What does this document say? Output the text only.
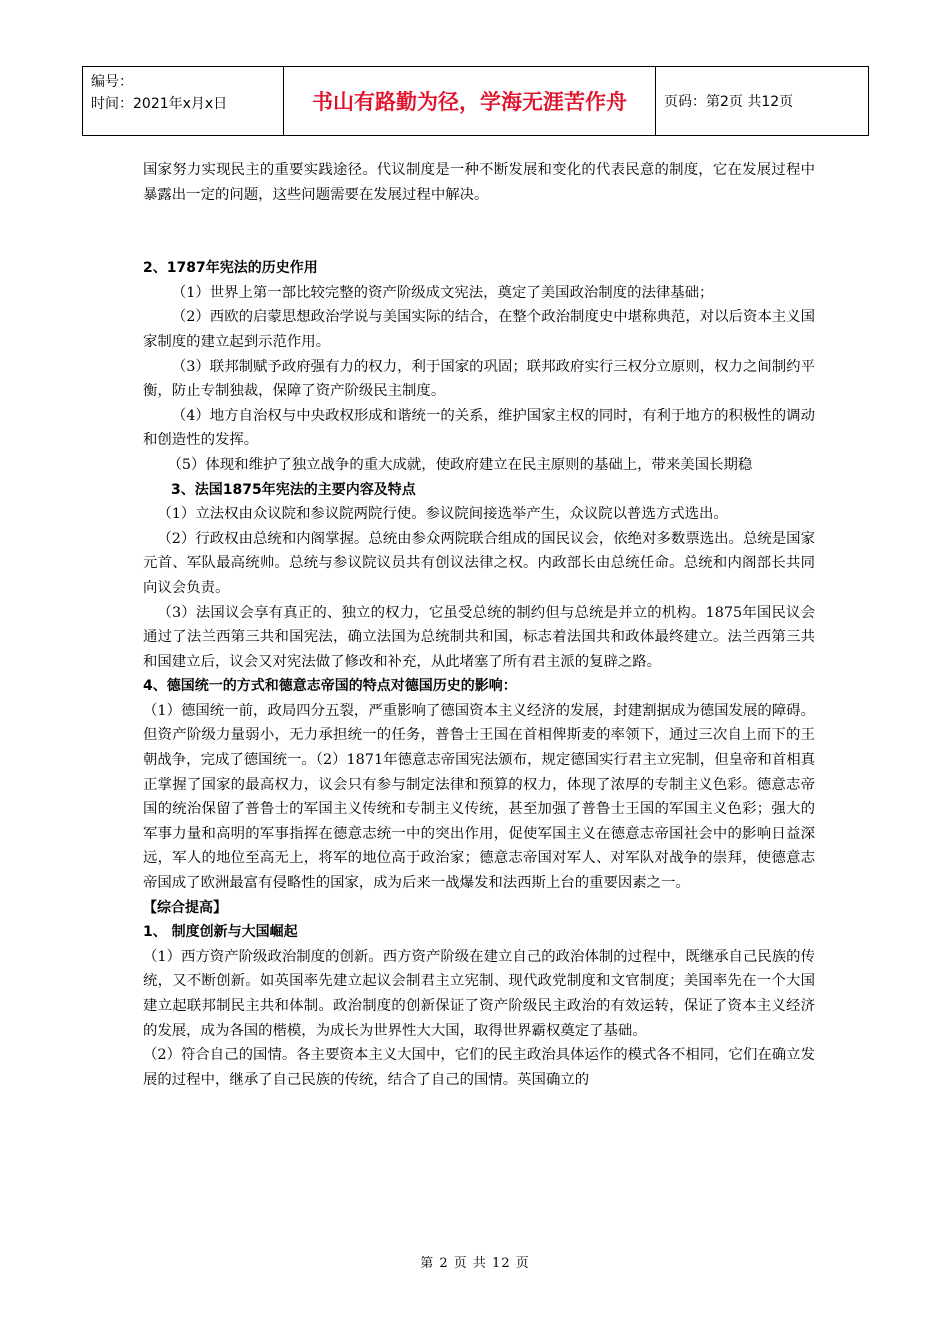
编号：
时间：2021年x月x日	书山有路勤为径，学海无涯苦作舟	页码：第2页 共12页

国家努力实现民主的重要实践途径。代议制度是一种不断发展和变化的代表民意的制度，它在发展过程中暴露出一定的问题，这些问题需要在发展过程中解决。

2、1787年宪法的历史作用

（1）世界上第一部比较完整的资产阶级成文宪法，奠定了美国政治制度的法律基础；

（2）西欧的启蒙思想政治学说与美国实际的结合，在整个政治制度史中堪称典范，对以后资本主义国家制度的建立起到示范作用。

（3）联邦制赋予政府强有力的权力，利于国家的巩固；联邦政府实行三权分立原则，权力之间制约平衡，防止专制独裁，保障了资产阶级民主制度。

（4）地方自治权与中央政权形成和谐统一的关系，维护国家主权的同时，有利于地方的积极性的调动和创造性的发挥。

（5）体现和维护了独立战争的重大成就，使政府建立在民主原则的基础上，带来美国长期稳

3、法国1875年宪法的主要内容及特点

（1）立法权由众议院和参议院两院行使。参议院间接选举产生，众议院以普选方式选出。

（2）行政权由总统和内阁掌握。总统由参众两院联合组成的国民议会，依绝对多数票选出。总统是国家元首、军队最高统帅。总统与参议院议员共有创议法律之权。内政部长由总统任命。总统和内阁部长共同向议会负责。

（3）法国议会享有真正的、独立的权力，它虽受总统的制约但与总统是并立的机构。1875年国民议会通过了法兰西第三共和国宪法，确立法国为总统制共和国，标志着法国共和政体最终建立。法兰西第三共和国建立后，议会又对宪法做了修改和补充，从此堵塞了所有君主派的复辟之路。

4、德国统一的方式和德意志帝国的特点对德国历史的影响：

（1）德国统一前，政局四分五裂，严重影响了德国资本主义经济的发展，封建割据成为德国发展的障碍。但资产阶级力量弱小，无力承担统一的任务，普鲁士王国在首相俾斯麦的率领下，通过三次自上而下的王朝战争，完成了德国统一。（2）1871年德意志帝国宪法颁布，规定德国实行君主立宪制，但皇帝和首相真正掌握了国家的最高权力，议会只有参与制定法律和预算的权力，体现了浓厚的专制主义色彩。德意志帝国的统治保留了普鲁士的军国主义传统和专制主义传统，甚至加强了普鲁士王国的军国主义色彩；强大的军事力量和高明的军事指挥在德意志统一中的突出作用，促使军国主义在德意志帝国社会中的影响日益深远，军人的地位至高无上，将军的地位高于政治家；德意志帝国对军人、对军队对战争的崇拜，使德意志帝国成了欧洲最富有侵略性的国家，成为后来一战爆发和法西斯上台的重要因素之一。

【综合提高】

1、 制度创新与大国崛起

（1）西方资产阶级政治制度的创新。西方资产阶级在建立自己的政治体制的过程中，既继承自己民族的传统，又不断创新。如英国率先建立起议会制君主立宪制、现代政党制度和文官制度；美国率先在一个大国建立起联邦制民主共和体制。政治制度的创新保证了资产阶级民主政治的有效运转，保证了资本主义经济的发展，成为各国的楷模，为成长为世界性大大国，取得世界霸权奠定了基础。

（2）符合自己的国情。各主要资本主义大国中，它们的民主政治具体运作的模式各不相同，它们在确立发展的过程中，继承了自己民族的传统，结合了自己的国情。英国确立的

第 2 页 共 12 页
